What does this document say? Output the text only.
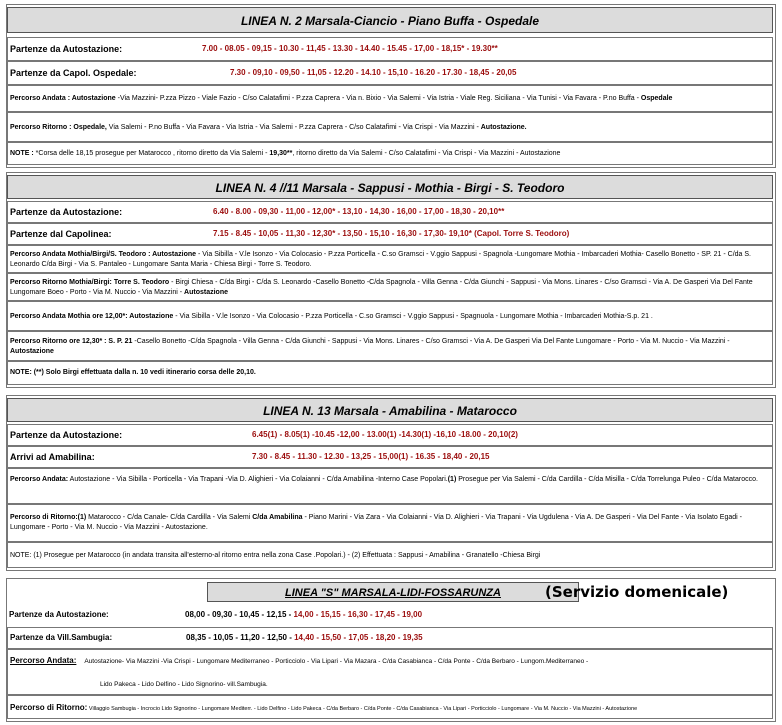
LINEA N. 2 Marsala-Ciancio - Piano Buffa - Ospedale
Partenze da Autostazione:	7.00 - 08.05 - 09,15 - 10.30 - 11,45 - 13.30 - 14.40 - 15.45 - 17,00 - 18,15* - 19.30**
Partenze da Capol. Ospedale:	7.30 - 09,10 - 09,50 - 11,05 - 12.20 - 14.10 - 15,10 - 16.20 - 17.30 - 18,45 - 20,05
Percorso Andata : Autostazione -Via Mazzini- P.zza Pizzo - Viale Fazio - C/so Calatafimi - P.zza Caprera - Via n. Bixio - Via Salemi - Via Istria - Viale Reg. Siciliana - Via Tunisi - Via Favara - P.no Buffa - Ospedale
Percorso Ritorno : Ospedale, Via Salemi - P.no Buffa - Via Favara - Via Istria - Via Salemi - P.zza Caprera - C/so Calatafimi - Via Crispi - Via Mazzini - Autostazione.
NOTE : *Corsa delle 18,15 prosegue per Matarocco , ritorno diretto da Via Salemi - 19,30**, ritorno diretto da Via Salemi - C/so Calatafimi - Via Crispi - Via Mazzini - Autostazione
LINEA N. 4 //11 Marsala - Sappusi - Mothia - Birgi - S. Teodoro
Partenze da Autostazione:	6.40 - 8.00 - 09,30 - 11,00 - 12,00* - 13,10 - 14,30 - 16,00 - 17,00 - 18,30 - 20,10**
Partenze dal Capolinea:	7.15 - 8.45 - 10,05 - 11,30 - 12,30* - 13,50 - 15,10 - 16,30 - 17,30- 19,10* (Capol. Torre S. Teodoro)
Percorso Andata Mothia/Birgi/S. Teodoro : Autostazione - Via Sibilla - V.le Isonzo - Via Colocasio - P.zza Porticella - C.so Gramsci - V.ggio Sappusi - Spagnola -Lungomare Mothia - Imbarcaderi Mothia- Casello Bonetto - SP. 21 - C/da S. Leonardo C/da Birgi - Via S. Pantaleo - Lungomare Santa Maria - Chiesa Birgi - Torre S. Teodoro.
Percorso Ritorno Mothia/Birgi: Torre S. Teodoro - Birgi Chiesa - C/da Birgi - C/da S. Leonardo -Casello Bonetto -C/da Spagnola - Villa Genna - C/da Giunchi - Sappusi - Via Mons. Linares - C/so Gramsci - Via A. De Gasperi Via Del Fante Lungomare Boeo - Porto - Via M. Nuccio - Via Mazzini - Autostazione
Percorso Andata Mothia ore 12,00*: Autostazione - Via Sibilla - V.le Isonzo - Via Colocasio - P.zza Porticella - C.so Gramsci - V.ggio Sappusi - Spagnuola - Lungomare Mothia - Imbarcaderi Mothia-S.p. 21 .
Percorso Ritorno ore 12,30* : S. P. 21 -Casello Bonetto -C/da Spagnola - Villa Genna - C/da Giunchi - Sappusi - Via Mons. Linares - C/so Gramsci - Via A. De Gasperi Via Del Fante Lungomare - Porto - Via M. Nuccio - Via Mazzini - Autostazione
NOTE: (**) Solo Birgi effettuata dalla n. 10 vedi itinerario corsa delle 20,10.
LINEA N. 13 Marsala - Amabilina - Matarocco
Partenze da Autostazione:	6.45(1) - 8.05(1) -10.45 -12,00 - 13.00(1) -14.30(1) -16,10 -18.00 - 20,10(2)
Arrivi ad Amabilina:	7.30 - 8.45 - 11.30 - 12.30 - 13,25 - 15,00(1) - 16.35 - 18,40 - 20,15
Percorso Andata: Autostazione - Via Sibilla - Porticella - Via Trapani -Via D. Alighieri - Via Colaianni - C/da Amabilina -Interno Case Popolari.(1) Prosegue per Via Salemi - C/da Cardilla - C/da Misilla - C/da Torrelunga Puleo - C/da Matarocco.
Percorso di Ritorno:(1) Matarocco - C/da Canale- C/da Cardilla - Via Salemi C/da Amabilina - Piano Marini - Via Zara - Via Colaianni - Via D. Alighieri - Via Trapani - Via Ugdulena - Via A. De Gasperi - Via Del Fante - Via Isolato Egadi - Lungomare - Porto - Via M. Nuccio - Via Mazzini - Autostazione.
NOTE: (1) Prosegue per Matarocco (in andata transita all'esterno-al ritorno entra nella zona Case .Popolari.) - (2) Effettuata : Sappusi - Amabilina - Granatello -Chiesa Birgi
LINEA "S" MARSALA-LIDI-FOSSARUNZA	(Servizio domenicale)
Partenze da Autostazione:	08,00 - 09,30 - 10,45 - 12,15 - 14,00 - 15,15 - 16,30 - 17,45 - 19,00
Partenze da Vill.Sambugia:	08,35 - 10,05 - 11,20 - 12,50 - 14,40 - 15,50 - 17,05 - 18,20 - 19,35
Percorso Andata: Autostazione- Via Mazzini -Via Crispi - Lungomare Mediterraneo - Porticciolo - Via Lipari - Via Mazara - C/da Casabianca - C/da Ponte - C/da Berbaro - Lungom.Mediterraneo -
Lido Pakeca - Lido Delfino - Lido Signorino- vill.Sambugia.
Percorso di Ritorno: Villaggio Sambugia - Incrocio Lido Signorino - Lungomare Mediterr. - Lido Delfino - Lido Pakeca - C/da Berbaro - C/da Ponte - C/da Casabianca - Via Lipari - Porticciolo - Lungomare - Via M. Nuccio - Via Mazzini - Autostazione
